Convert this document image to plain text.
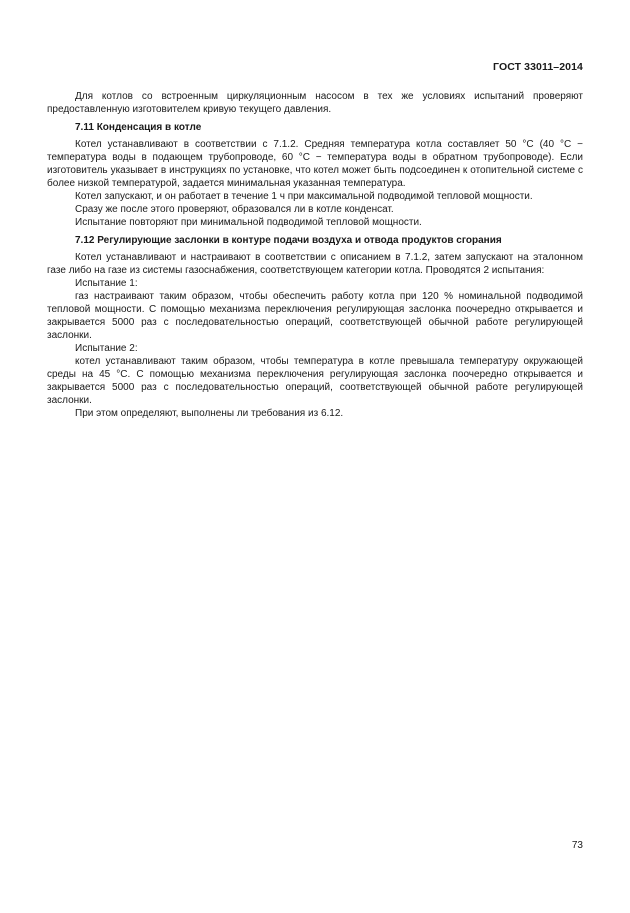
ГОСТ 33011–2014

Для котлов со встроенным циркуляционным насосом в тех же условиях испытаний проверяют предоставленную изготовителем кривую текущего давления.

7.11 Конденсация в котле

Котел устанавливают в соответствии с 7.1.2. Средняя температура котла составляет 50 °С (40 °С − температура воды в подающем трубопроводе, 60 °С − температура воды в обратном трубопроводе). Если изготовитель указывает в инструкциях по установке, что котел может быть подсоединен к отопительной системе с более низкой температурой, задается минимальная указанная температура.

Котел запускают, и он работает в течение 1 ч при максимальной подводимой тепловой мощности.

Сразу же после этого проверяют, образовался ли в котле конденсат.

Испытание повторяют при минимальной подводимой тепловой мощности.

7.12 Регулирующие заслонки в контуре подачи воздуха и отвода продуктов сгорания

Котел устанавливают и настраивают в соответствии с описанием в 7.1.2, затем запускают на эталонном газе либо на газе из системы газоснабжения, соответствующем категории котла. Проводятся 2 испытания:

Испытание 1:

газ настраивают таким образом, чтобы обеспечить работу котла при 120 % номинальной подводимой тепловой мощности. С помощью механизма переключения регулирующая заслонка поочередно открывается и закрывается 5000 раз с последовательностью операций, соответствующей обычной работе регулирующей заслонки.

Испытание 2:

котел устанавливают таким образом, чтобы температура в котле превышала температуру окружающей среды на 45 °С. С помощью механизма переключения регулирующая заслонка поочередно открывается и закрывается 5000 раз с последовательностью операций, соответствующей обычной работе регулирующей заслонки.

При этом определяют, выполнены ли требования из 6.12.

73
